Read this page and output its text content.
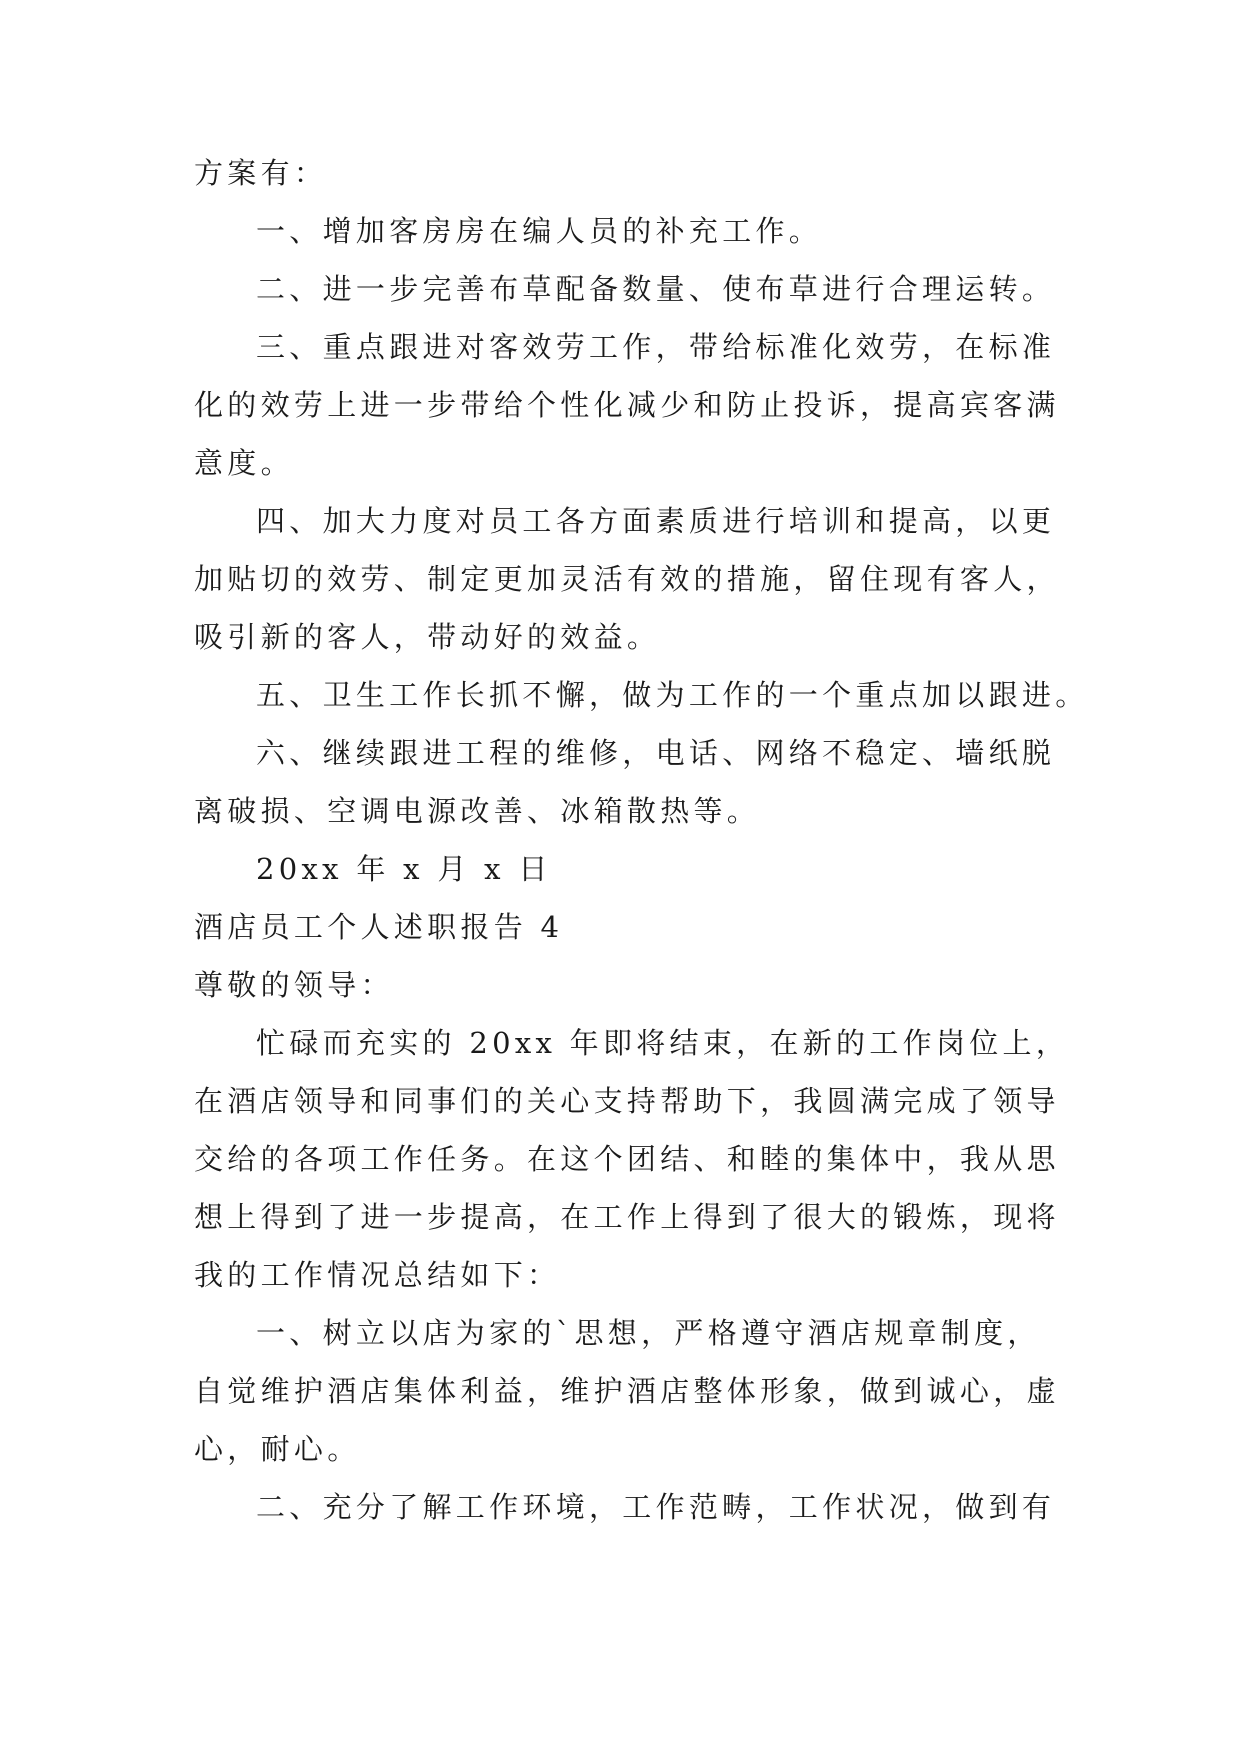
方案有：
一、增加客房房在编人员的补充工作。
二、进一步完善布草配备数量、使布草进行合理运转。
三、重点跟进对客效劳工作，带给标准化效劳，在标准
化的效劳上进一步带给个性化减少和防止投诉，提高宾客满
意度。
四、加大力度对员工各方面素质进行培训和提高，以更
加贴切的效劳、制定更加灵活有效的措施，留住现有客人，
吸引新的客人，带动好的效益。
五、卫生工作长抓不懈，做为工作的一个重点加以跟进。
六、继续跟进工程的维修，电话、网络不稳定、墙纸脱
离破损、空调电源改善、冰箱散热等。
20xx 年 x 月 x 日
酒店员工个人述职报告 4
尊敬的领导：
忙碌而充实的 20xx 年即将结束，在新的工作岗位上，
在酒店领导和同事们的关心支持帮助下，我圆满完成了领导
交给的各项工作任务。在这个团结、和睦的集体中，我从思
想上得到了进一步提高，在工作上得到了很大的锻炼，现将
我的工作情况总结如下：
一、树立以店为家的`思想，严格遵守酒店规章制度，
自觉维护酒店集体利益，维护酒店整体形象，做到诚心，虚
心，耐心。
二、充分了解工作环境，工作范畴，工作状况，做到有
